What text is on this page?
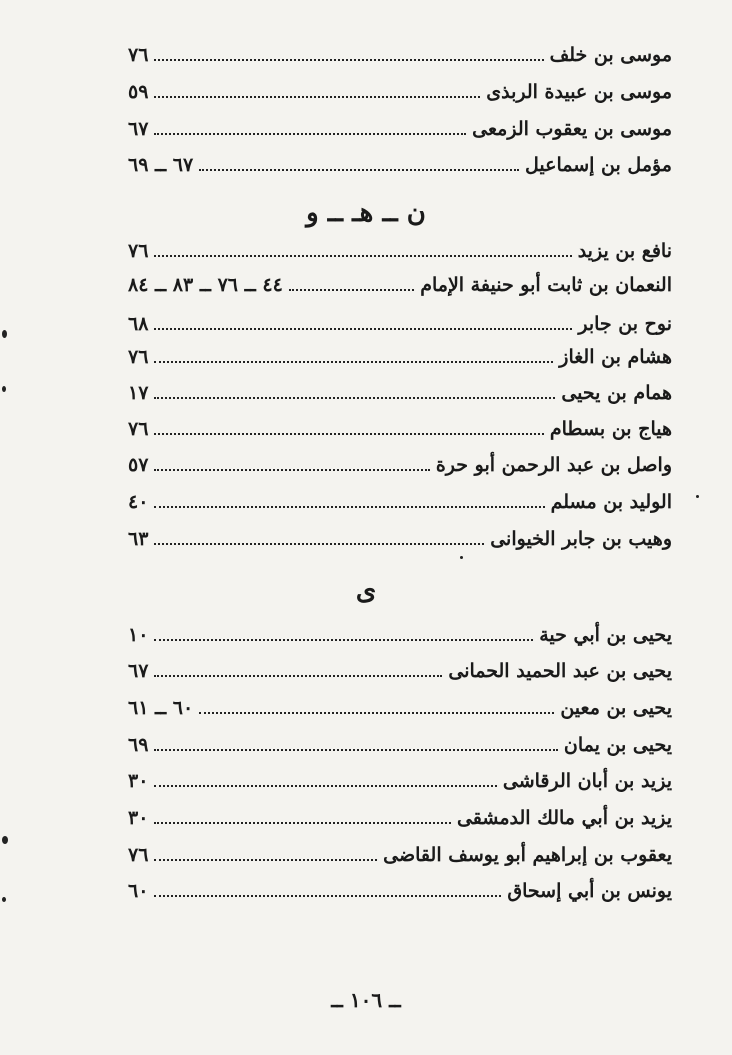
موسى بن خلف
٧٦
موسى بن عبيدة الربذى
٥٩
موسى بن يعقوب الزمعى
٦٧
مؤمل بن إسماعيل
٦٧ ــ ٦٩
ن ــ هـ ــ و
نافع بن يزيد
٧٦
النعمان بن ثابت أبو حنيفة الإمام
٤٤ ــ ٧٦ ــ ٨٣ ــ ٨٤
نوح بن جابر
٦٨
هشام بن الغاز
٧٦
همام بن يحيى
١٧
هياج بن بسطام
٧٦
واصل بن عبد الرحمن أبو حرة
٥٧
الوليد بن مسلم
٤٠
وهيب بن جابر الخيوانى
٦٣
ى
يحيى بن أبي حية
١٠
يحيى بن عبد الحميد الحمانى
٦٧
يحيى بن معين
٦٠ ــ ٦١
يحيى بن يمان
٦٩
يزيد بن أبان الرقاشى
٣٠
يزيد بن أبي مالك الدمشقى
٣٠
يعقوب بن إبراهيم أبو يوسف القاضى
٧٦
يونس بن أبي إسحاق
٦٠
ــ ١٠٦ ــ
